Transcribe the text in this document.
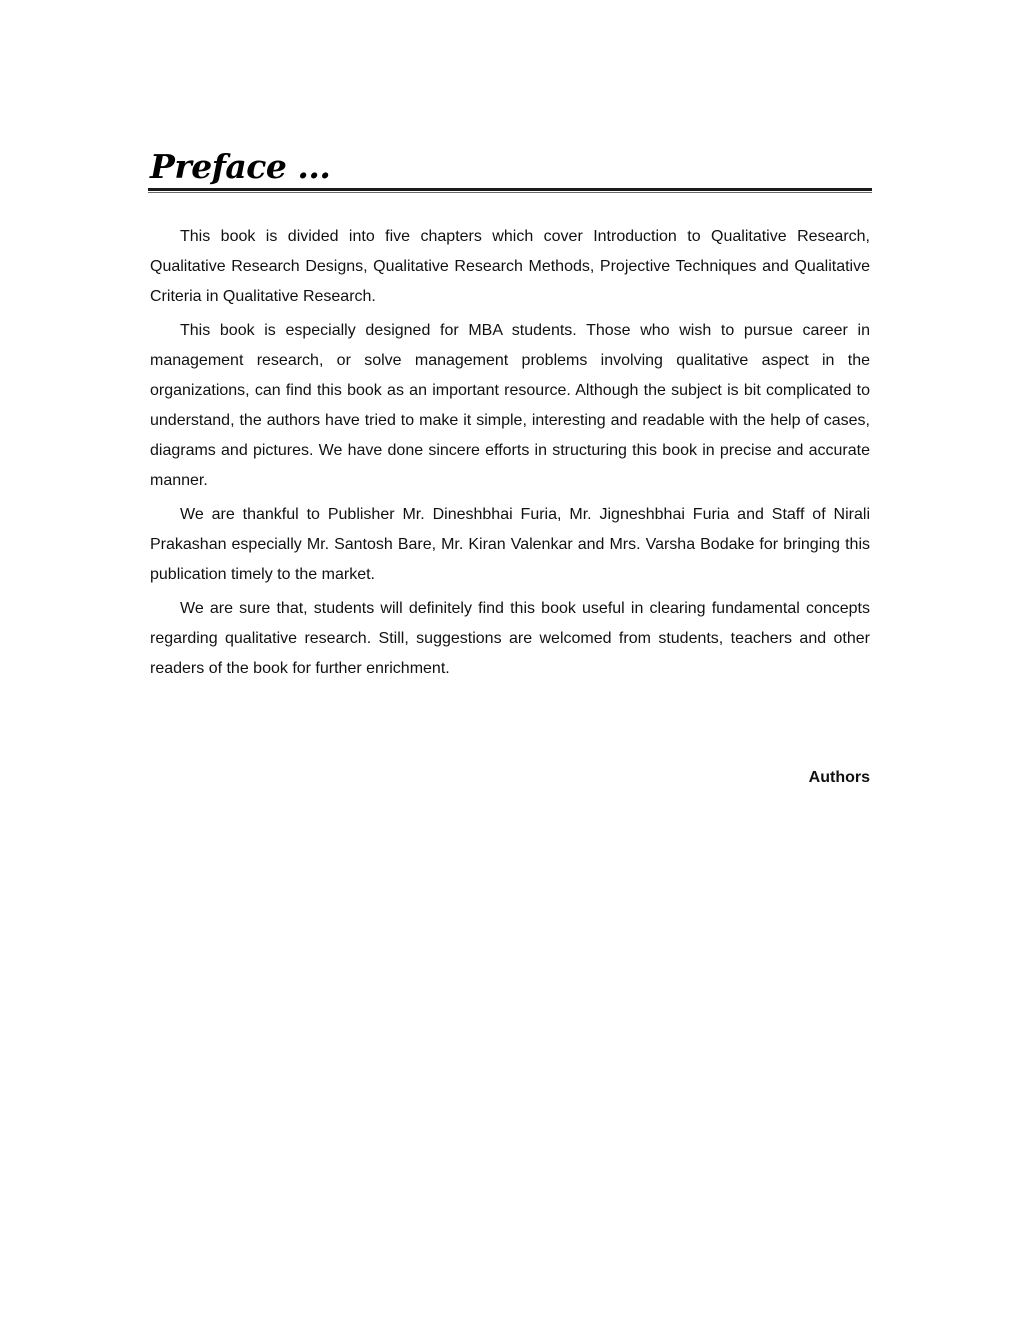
Preface ...

This book is divided into five chapters which cover Introduction to Qualitative Research, Qualitative Research Designs, Qualitative Research Methods, Projective Techniques and Qualitative Criteria in Qualitative Research.

This book is especially designed for MBA students. Those who wish to pursue career in management research, or solve management problems involving qualitative aspect in the organizations, can find this book as an important resource. Although the subject is bit complicated to understand, the authors have tried to make it simple, interesting and readable with the help of cases, diagrams and pictures. We have done sincere efforts in structuring this book in precise and accurate manner.

We are thankful to Publisher Mr. Dineshbhai Furia, Mr. Jigneshbhai Furia and Staff of Nirali Prakashan especially Mr. Santosh Bare, Mr. Kiran Valenkar and Mrs. Varsha Bodake for bringing this publication timely to the market.

We are sure that, students will definitely find this book useful in clearing fundamental concepts regarding qualitative research. Still, suggestions are welcomed from students, teachers and other readers of the book for further enrichment.

Authors
